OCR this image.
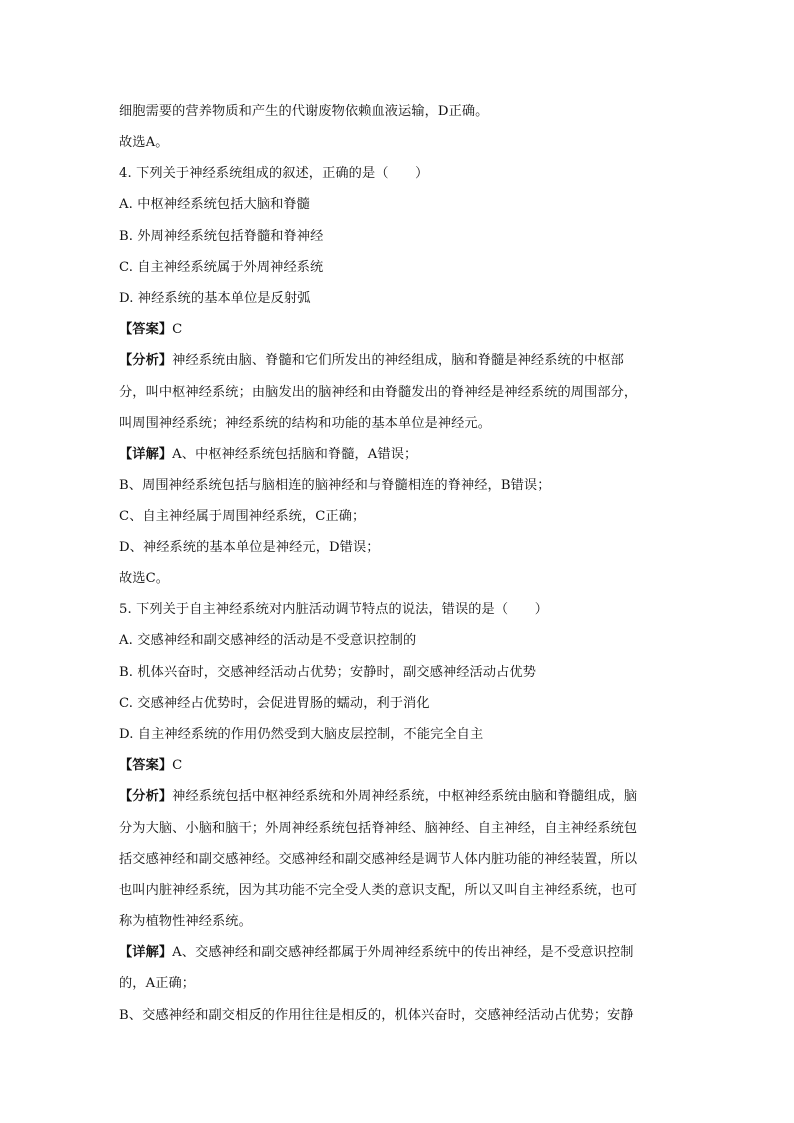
细胞需要的营养物质和产生的代谢废物依赖血液运输，D正确。
故选A。
4. 下列关于神经系统组成的叙述，正确的是（　　）
A. 中枢神经系统包括大脑和脊髓
B. 外周神经系统包括脊髓和脊神经
C. 自主神经系统属于外周神经系统
D. 神经系统的基本单位是反射弧
【答案】C
【分析】神经系统由脑、脊髓和它们所发出的神经组成，脑和脊髓是神经系统的中枢部
分，叫中枢神经系统；由脑发出的脑神经和由脊髓发出的脊神经是神经系统的周围部分，
叫周围神经系统；神经系统的结构和功能的基本单位是神经元。
【详解】A、中枢神经系统包括脑和脊髓，A错误；
B、周围神经系统包括与脑相连的脑神经和与脊髓相连的脊神经，B错误；
C、自主神经属于周围神经系统，C正确；
D、神经系统的基本单位是神经元，D错误；
故选C。
5. 下列关于自主神经系统对内脏活动调节特点的说法，错误的是（　　）
A. 交感神经和副交感神经的活动是不受意识控制的
B. 机体兴奋时，交感神经活动占优势；安静时，副交感神经活动占优势
C. 交感神经占优势时，会促进胃肠的蠕动，利于消化
D. 自主神经系统的作用仍然受到大脑皮层控制，不能完全自主
【答案】C
【分析】神经系统包括中枢神经系统和外周神经系统，中枢神经系统由脑和脊髓组成，脑
分为大脑、小脑和脑干；外周神经系统包括脊神经、脑神经、自主神经，自主神经系统包
括交感神经和副交感神经。交感神经和副交感神经是调节人体内脏功能的神经装置，所以
也叫内脏神经系统，因为其功能不完全受人类的意识支配，所以又叫自主神经系统，也可
称为植物性神经系统。
【详解】A、交感神经和副交感神经都属于外周神经系统中的传出神经，是不受意识控制
的，A正确；
B、交感神经和副交相反的作用往往是相反的，机体兴奋时，交感神经活动占优势；安静
